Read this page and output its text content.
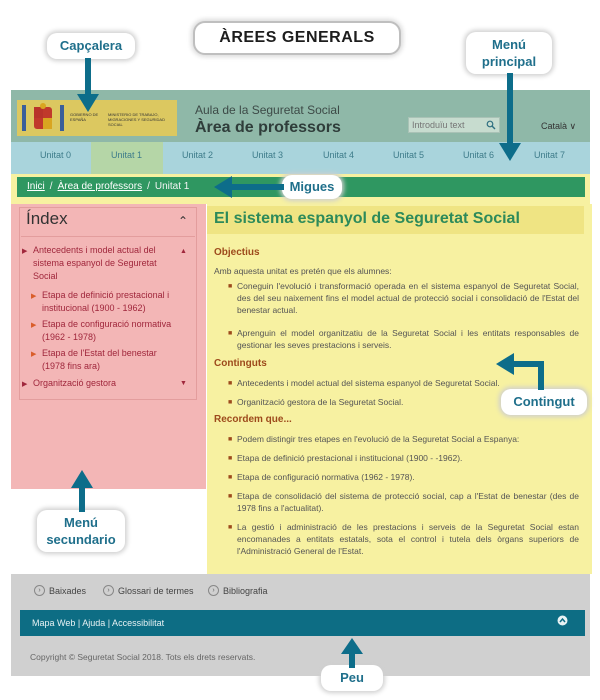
ÀREES GENERALS
GOBIERNO DE ESPAÑA
MINISTERIO DE TRABAJO, MIGRACIONES Y SEGURIDAD SOCIAL
Aula de la Seguretat Social
Àrea de professors
Introduïu text	Català ∨
Unitat 0	Unitat 1	Unitat 2	Unitat 3	Unitat 4	Unitat 5	Unitat 6	Unitat 7
Inici / Àrea de professors / Unitat 1
Índex	⌃
▶ Antecedents i model actual del sistema espanyol de Seguretat Social
▲
▶ Etapa de definició prestacional i institucional (1900 - 1962)
▶ Etapa de configuració normativa (1962 - 1978)
▶ Etapa de l'Estat del benestar (1978 fins ara)
▶ Organització gestora	▼
El sistema espanyol de Seguretat Social
Objectius
Amb aquesta unitat es pretén que els alumnes:
■ Coneguin l'evolució i transformació operada en el sistema espanyol de Seguretat Social, des del seu naixement fins el model actual de protecció social i consolidació de l'Estat del benestar actual.
■ Aprenguin el model organitzatiu de la Seguretat Social i les entitats responsables de gestionar les seves prestacions i serveis.
Continguts
■ Antecedents i model actual del sistema espanyol de Seguretat Social.
■ Organització gestora de la Seguretat Social.
Recordem que...
■ Podem distingir tres etapes en l'evolució de la Seguretat Social a Espanya:
■ Etapa de definició prestacional i institucional (1900 - -1962).
■ Etapa de configuració normativa (1962 - 1978).
■ Etapa de consolidació del sistema de protecció social, cap a l'Estat de benestar (des de 1978 fins a l'actualitat).
■ La gestió i administració de les prestacions i serveis de la Seguretat Social estan encomanades a entitats estatals, sota el control i tutela dels òrgans superiors de l'Administració General de l'Estat.
› Baixades	› Glossari de termes	› Bibliografia
Mapa Web | Ajuda | Accessibilitat
Copyright © Seguretat Social 2018. Tots els drets reservats.
Capçalera	Menú principal
Migues
Contingut
Menú secundario
Peu
